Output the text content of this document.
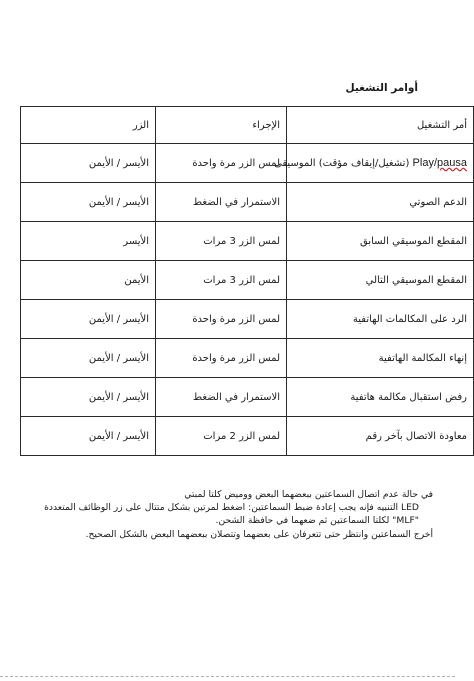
أوامر التشغيل
أمر التشغيل	الإجراء	الزر
Play/pausa (تشغيل/إيقاف مؤقت) الموسيقى	لمس الزر مرة واحدة	الأيسر / الأيمن
الدعم الصوتي	الاستمرار في الضغط	الأيسر / الأيمن
المقطع الموسيقي السابق	لمس الزر 3 مرات	الأيسر
المقطع الموسيقي التالي	لمس الزر 3 مرات	الأيمن
الرد على المكالمات الهاتفية	لمس الزر مرة واحدة	الأيسر / الأيمن
إنهاء المكالمة الهاتفية	لمس الزر مرة واحدة	الأيسر / الأيمن
رفض استقبال مكالمة هاتفية	الاستمرار في الضغط	الأيسر / الأيمن
معاودة الاتصال بآخر رقم	لمس الزر 2 مرات	الأيسر / الأيمن

في حالة عدم اتصال السماعتين ببعضهما البعض ووميض كلتا لمبتي

LED التنبيه فإنه يجب إعادة ضبط السماعتين: اضغط لمرتين بشكل متتال على زر الوظائف المتعددة

"MLF" لكلتا السماعتين ثم ضعهما في حافظة الشحن.

أخرج السماعتين وانتظر حتى تتعرفان على بعضهما وتتصلان ببعضهما البعض بالشكل الصحيح.
